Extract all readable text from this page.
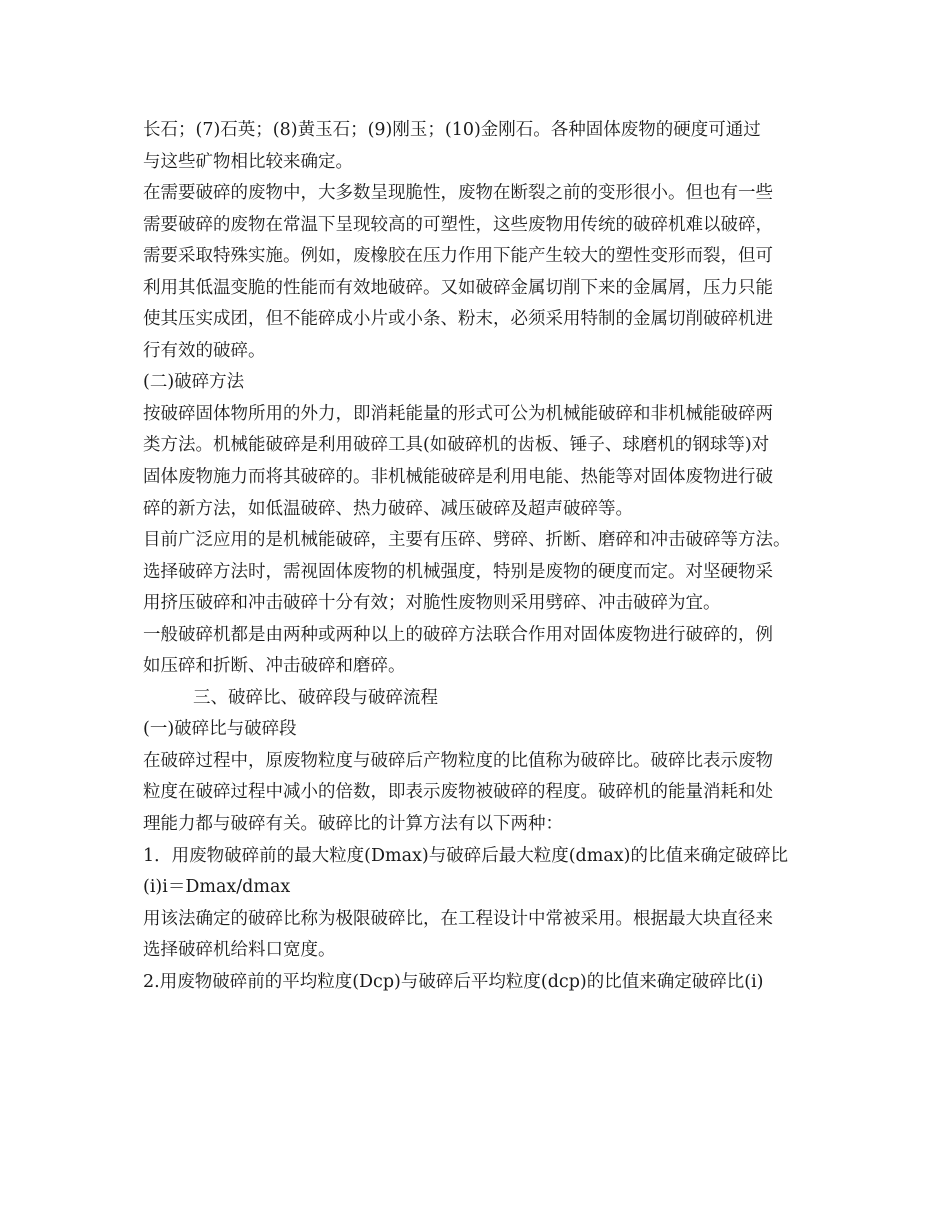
长石；(7)石英；(8)黄玉石；(9)刚玉；(10)金刚石。各种固体废物的硬度可通过
与这些矿物相比较来确定。
在需要破碎的废物中，大多数呈现脆性，废物在断裂之前的变形很小。但也有一些
需要破碎的废物在常温下呈现较高的可塑性，这些废物用传统的破碎机难以破碎，
需要采取特殊实施。例如，废橡胶在压力作用下能产生较大的塑性变形而裂，但可
利用其低温变脆的性能而有效地破碎。又如破碎金属切削下来的金属屑，压力只能
使其压实成团，但不能碎成小片或小条、粉末，必须采用特制的金属切削破碎机进
行有效的破碎。
(二)破碎方法
按破碎固体物所用的外力，即消耗能量的形式可公为机械能破碎和非机械能破碎两
类方法。机械能破碎是利用破碎工具(如破碎机的齿板、锤子、球磨机的钢球等)对
固体废物施力而将其破碎的。非机械能破碎是利用电能、热能等对固体废物进行破
碎的新方法，如低温破碎、热力破碎、减压破碎及超声破碎等。
目前广泛应用的是机械能破碎，主要有压碎、劈碎、折断、磨碎和冲击破碎等方法。
选择破碎方法时，需视固体废物的机械强度，特别是废物的硬度而定。对坚硬物采
用挤压破碎和冲击破碎十分有效；对脆性废物则采用劈碎、冲击破碎为宜。
一般破碎机都是由两种或两种以上的破碎方法联合作用对固体废物进行破碎的，例
如压碎和折断、冲击破碎和磨碎。
三、破碎比、破碎段与破碎流程
(一)破碎比与破碎段
在破碎过程中，原废物粒度与破碎后产物粒度的比值称为破碎比。破碎比表示废物
粒度在破碎过程中减小的倍数，即表示废物被破碎的程度。破碎机的能量消耗和处
理能力都与破碎有关。破碎比的计算方法有以下两种：
1．用废物破碎前的最大粒度(Dmax)与破碎后最大粒度(dmax)的比值来确定破碎比
(i)i＝Dmax/dmax
用该法确定的破碎比称为极限破碎比，在工程设计中常被采用。根据最大块直径来
选择破碎机给料口宽度。
2.用废物破碎前的平均粒度(Dcp)与破碎后平均粒度(dcp)的比值来确定破碎比(i)
